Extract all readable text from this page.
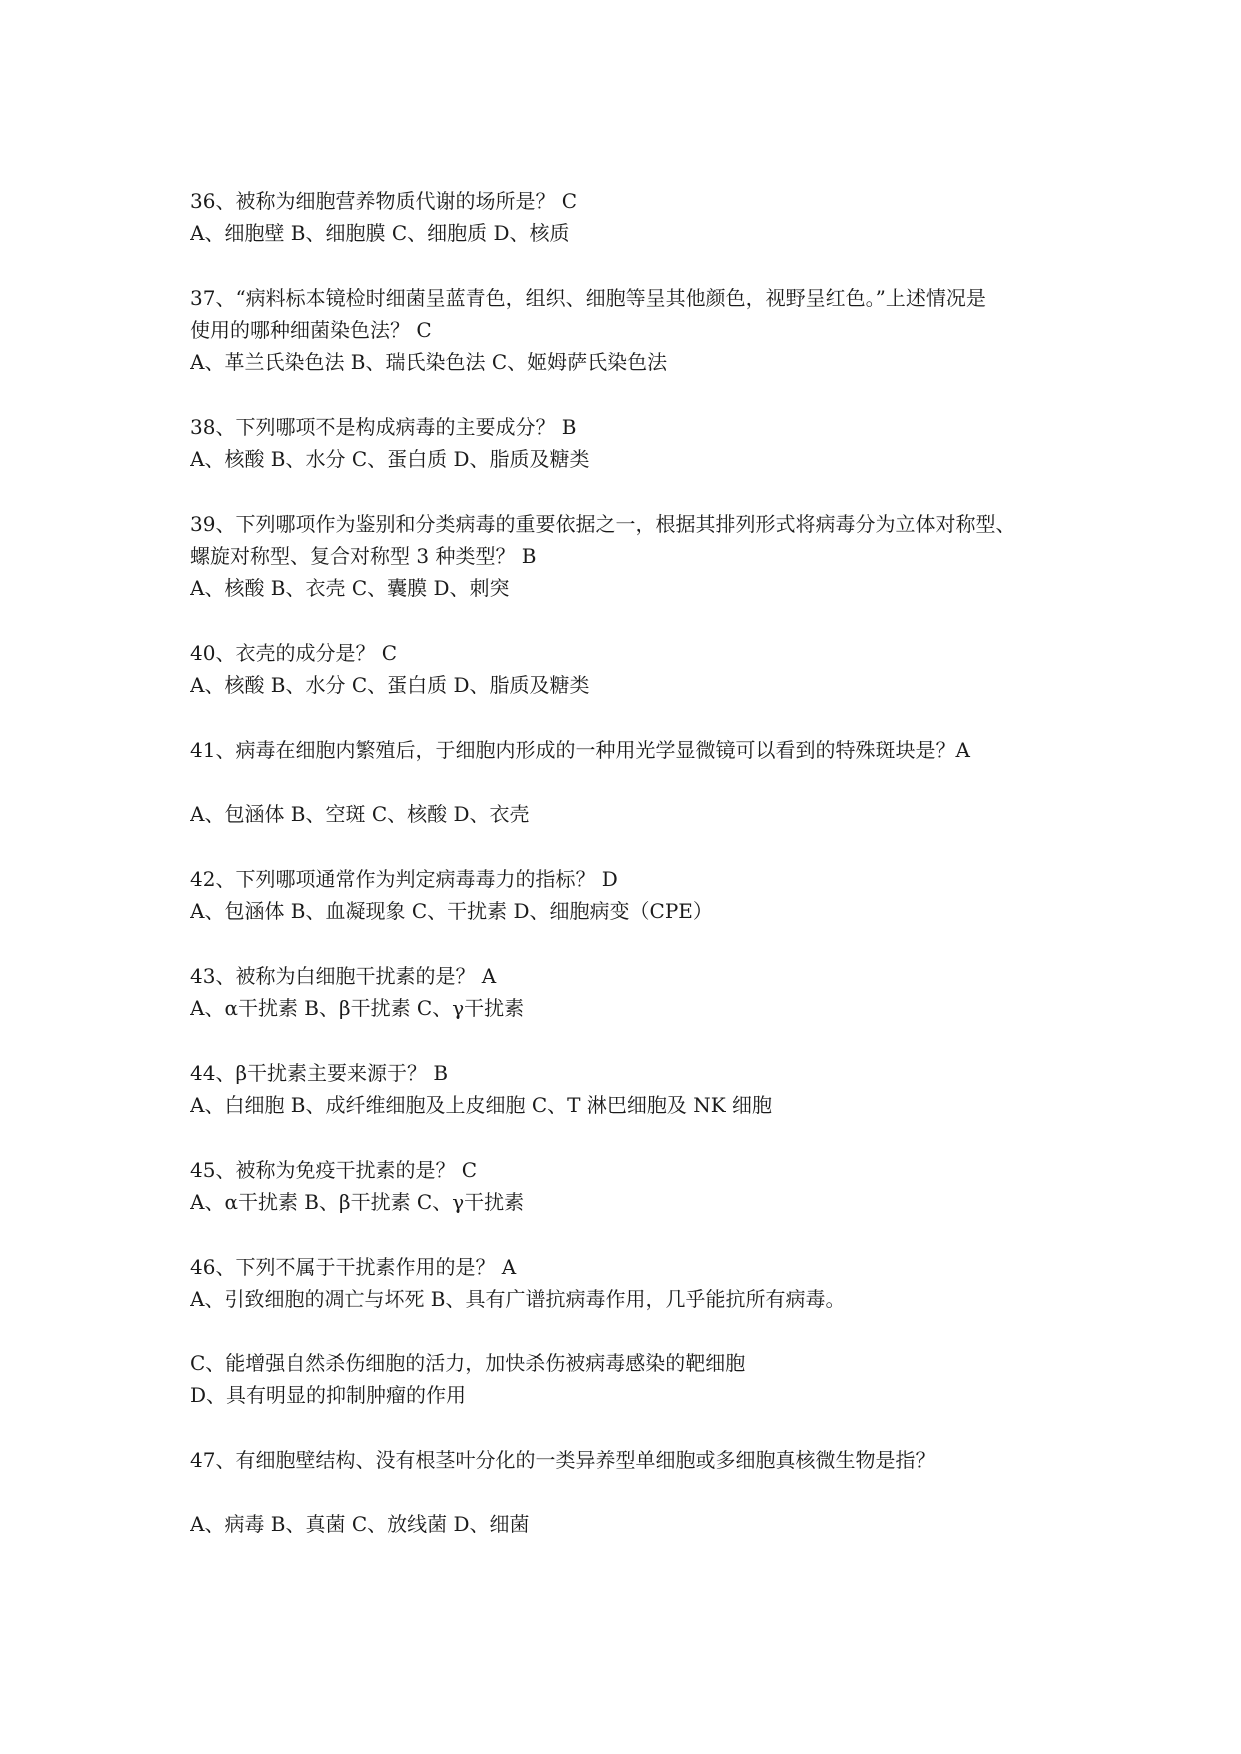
36、被称为细胞营养物质代谢的场所是？ C
A、细胞壁 B、细胞膜 C、细胞质 D、核质
37、“病料标本镜检时细菌呈蓝青色，组织、细胞等呈其他颜色，视野呈红色。”上述情况是
使用的哪种细菌染色法？ C
A、革兰氏染色法 B、瑞氏染色法 C、姬姆萨氏染色法
38、下列哪项不是构成病毒的主要成分？ B
A、核酸 B、水分 C、蛋白质 D、脂质及糖类
39、下列哪项作为鉴别和分类病毒的重要依据之一，根据其排列形式将病毒分为立体对称型、
螺旋对称型、复合对称型 3 种类型？ B
A、核酸 B、衣壳 C、囊膜 D、刺突
40、衣壳的成分是？ C
A、核酸 B、水分 C、蛋白质 D、脂质及糖类
41、病毒在细胞内繁殖后，于细胞内形成的一种用光学显微镜可以看到的特殊斑块是？A
A、包涵体 B、空斑 C、核酸 D、衣壳
42、下列哪项通常作为判定病毒毒力的指标？ D
A、包涵体 B、血凝现象 C、干扰素 D、细胞病变（CPE）
43、被称为白细胞干扰素的是？ A
A、α干扰素 B、β干扰素 C、γ干扰素
44、β干扰素主要来源于？ B
A、白细胞 B、成纤维细胞及上皮细胞 C、T 淋巴细胞及 NK 细胞
45、被称为免疫干扰素的是？ C
A、α干扰素 B、β干扰素 C、γ干扰素
46、下列不属于干扰素作用的是？ A
A、引致细胞的凋亡与坏死 B、具有广谱抗病毒作用，几乎能抗所有病毒。
C、能增强自然杀伤细胞的活力，加快杀伤被病毒感染的靶细胞
D、具有明显的抑制肿瘤的作用
47、有细胞壁结构、没有根茎叶分化的一类异养型单细胞或多细胞真核微生物是指？
A、病毒 B、真菌 C、放线菌 D、细菌
